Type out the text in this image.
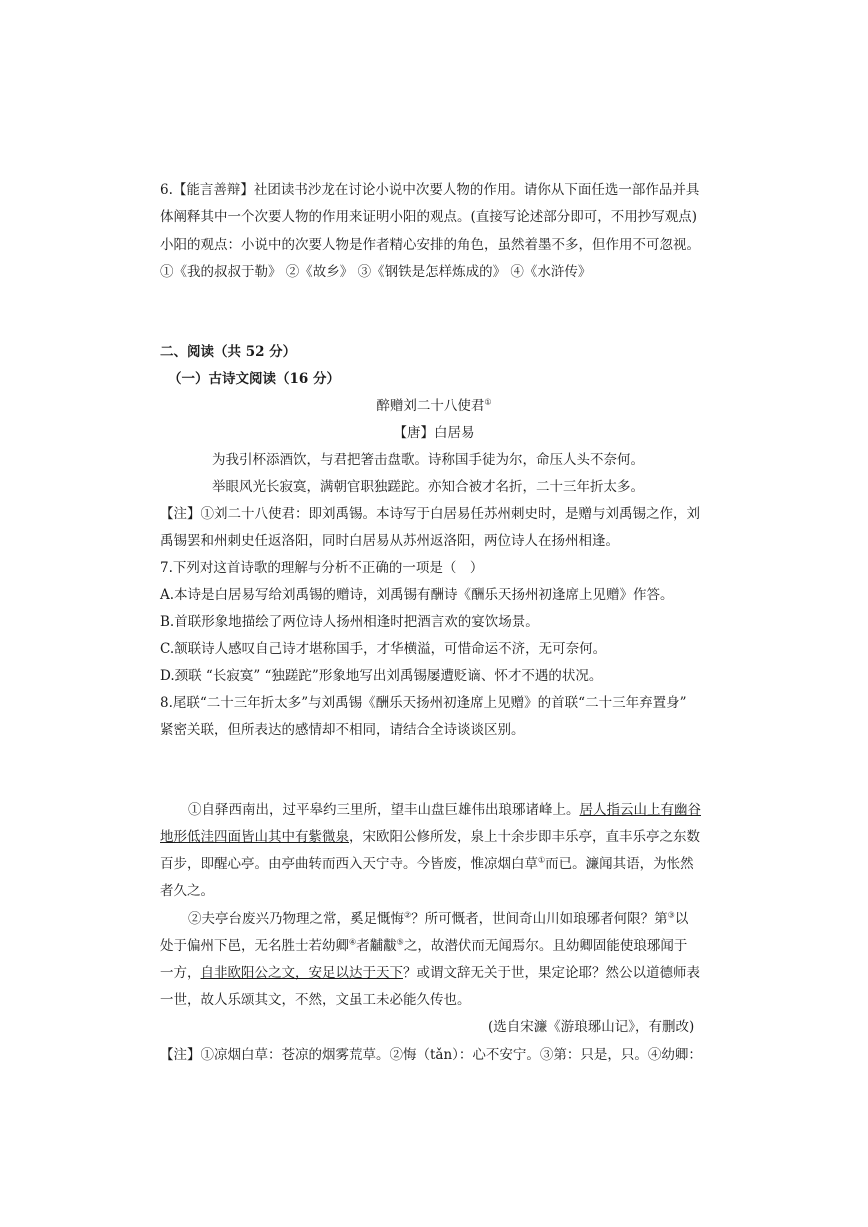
6.【能言善辩】社团读书沙龙在讨论小说中次要人物的作用。请你从下面任选一部作品并具
体阐释其中一个次要人物的作用来证明小阳的观点。(直接写论述部分即可，不用抄写观点)
小阳的观点：小说中的次要人物是作者精心安排的角色，虽然着墨不多，但作用不可忽视。
①《我的叔叔于勒》 ②《故乡》 ③《钢铁是怎样炼成的》 ④《水浒传》
二、阅读（共 52 分）
（一）古诗文阅读（16 分）
醉赠刘二十八使君①
【唐】白居易
为我引杯添酒饮，与君把箸击盘歌。诗称国手徒为尔，命压人头不奈何。
举眼风光长寂寞，满朝官职独蹉跎。亦知合被才名折，二十三年折太多。
【注】①刘二十八使君：即刘禹锡。本诗写于白居易任苏州刺史时，是赠与刘禹锡之作，刘
禹锡罢和州刺史任返洛阳，同时白居易从苏州返洛阳，两位诗人在扬州相逢。
7.下列对这首诗歌的理解与分析不正确的一项是（　）
A.本诗是白居易写给刘禹锡的赠诗，刘禹锡有酬诗《酬乐天扬州初逢席上见赠》作答。
B.首联形象地描绘了两位诗人扬州相逢时把酒言欢的宴饮场景。
C.颔联诗人感叹自己诗才堪称国手，才华横溢，可惜命运不济，无可奈何。
D.颈联 “长寂寞” “独蹉跎”形象地写出刘禹锡屡遭贬谪、怀才不遇的状况。
8.尾联“二十三年折太多”与刘禹锡《酬乐天扬州初逢席上见赠》的首联“二十三年弃置身”
紧密关联，但所表达的感情却不相同，请结合全诗谈谈区别。
①自驿西南出，过平皋约三里所，望丰山盘巨雄伟出琅琊诸峰上。居人指云山上有幽谷
地形低洼四面皆山其中有紫微泉，宋欧阳公修所发，泉上十余步即丰乐亭，直丰乐亭之东数
百步，即醒心亭。由亭曲转而西入天宁寺。今皆废，惟凉烟白草①而已。濂闻其语，为怅然
者久之。
②夫亭台废兴乃物理之常，奚足慨悔②？所可慨者，世间奇山川如琅琊者何限？第③以
处于偏州下邑，无名胜士若幼卿④者黼黻⑤之，故潜伏而无闻焉尔。且幼卿固能使琅琊闻于
一方，自非欧阳公之文，安足以达于天下？或谓文辞无关于世，果定论耶？然公以道德师表
一世，故人乐颂其文，不然，文虽工未必能久传也。
(选自宋濂《游琅琊山记》，有删改)
【注】①凉烟白草：苍凉的烟雾荒草。②悔（tǎn）：心不安宁。③第：只是，只。④幼卿：
